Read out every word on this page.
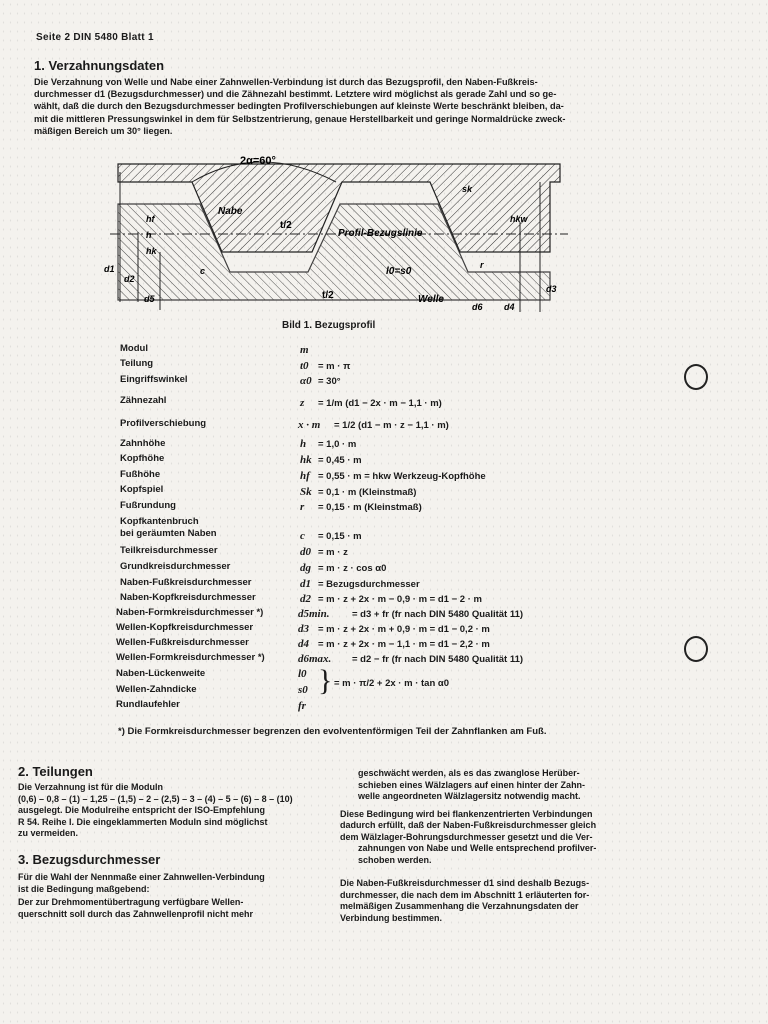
Seite 2 DIN 5480 Blatt 1
1. Verzahnungsdaten
Die Verzahnung von Welle und Nabe einer Zahnwellen-Verbindung ist durch das Bezugsprofil, den Naben-Fußkreis-
durchmesser d1 (Bezugsdurchmesser) und die Zähnezahl bestimmt. Letztere wird möglichst als gerade Zahl und so ge-
wählt, daß die durch den Bezugsdurchmesser bedingten Profilverschiebungen auf kleinste Werte beschränkt bleiben, da-
mit die mittleren Pressungswinkel in dem für Selbstzentrierung, genaue Herstellbarkeit und geringe Normaldrücke zweck-
mäßigen Bereich um 30° liegen.
2α=60°
Nabe
Welle
Profil-Bezugslinie
t/2
t/2
l0=s0
hf
h
hk
d1
d2
d5
c
sk
r
hkw
d6 d4
d3
Bild 1. Bezugsprofil
Modul	m
Teilung	t0 = m · π
Eingriffswinkel	α0 = 30°
Zähnezahl	z = 1/m (d1 − 2x · m − 1,1 · m)
Profilverschiebung	x · m = 1/2 (d1 − m · z − 1,1 · m)
Zahnhöhe	h = 1,0 · m
Kopfhöhe	hk = 0,45 · m
Fußhöhe	hf = 0,55 · m = hkw Werkzeug-Kopfhöhe
Kopfspiel	Sk = 0,1 · m (Kleinstmaß)
Fußrundung	r = 0,15 · m (Kleinstmaß)
Kopfkantenbruch
bei geräumten Naben	c = 0,15 · m
Teilkreisdurchmesser	d0 = m · z
Grundkreisdurchmesser	dg = m · z · cos α0
Naben-Fußkreisdurchmesser	d1 = Bezugsdurchmesser
Naben-Kopfkreisdurchmesser	d2 = m · z + 2x · m − 0,9 · m = d1 − 2 · m
Naben-Formkreisdurchmesser *)	d5min. = d3 + fr (fr nach DIN 5480 Qualität 11)
Wellen-Kopfkreisdurchmesser	d3 = m · z + 2x · m + 0,9 · m = d1 − 0,2 · m
Wellen-Fußkreisdurchmesser	d4 = m · z + 2x · m − 1,1 · m = d1 − 2,2 · m
Wellen-Formkreisdurchmesser *)	d6max. = d2 − fr (fr nach DIN 5480 Qualität 11)
Naben-Lückenweite	l0 }
Wellen-Zahndicke	s0
= m · π/2 + 2x · m · tan α0
Rundlaufehler	fr
*) Die Formkreisdurchmesser begrenzen den evolventenförmigen Teil der Zahnflanken am Fuß.
2. Teilungen
Die Verzahnung ist für die Moduln
(0,6) – 0,8 – (1) – 1,25 – (1,5) – 2 – (2,5) – 3 – (4) – 5 – (6) – 8 – (10)
ausgelegt. Die Modulreihe entspricht der ISO-Empfehlung
R 54. Reihe I. Die eingeklammerten Moduln sind möglichst
zu vermeiden.
3. Bezugsdurchmesser
Für die Wahl der Nennmaße einer Zahnwellen-Verbindung
ist die Bedingung maßgebend:
Der zur Drehmomentübertragung verfügbare Wellen-
querschnitt soll durch das Zahnwellenprofil nicht mehr
geschwächt werden, als es das zwanglose Herüber-
schieben eines Wälzlagers auf einen hinter der Zahn-
welle angeordneten Wälzlagersitz notwendig macht.
Diese Bedingung wird bei flankenzentrierten Verbindungen
dadurch erfüllt, daß der Naben-Fußkreisdurchmesser gleich
dem Wälzlager-Bohrungsdurchmesser gesetzt und die Ver-
zahnungen von Nabe und Welle entsprechend profilver-
schoben werden.
Die Naben-Fußkreisdurchmesser d1 sind deshalb Bezugs-
durchmesser, die nach dem im Abschnitt 1 erläuterten for-
melmäßigen Zusammenhang die Verzahnungsdaten der
Verbindung bestimmen.
